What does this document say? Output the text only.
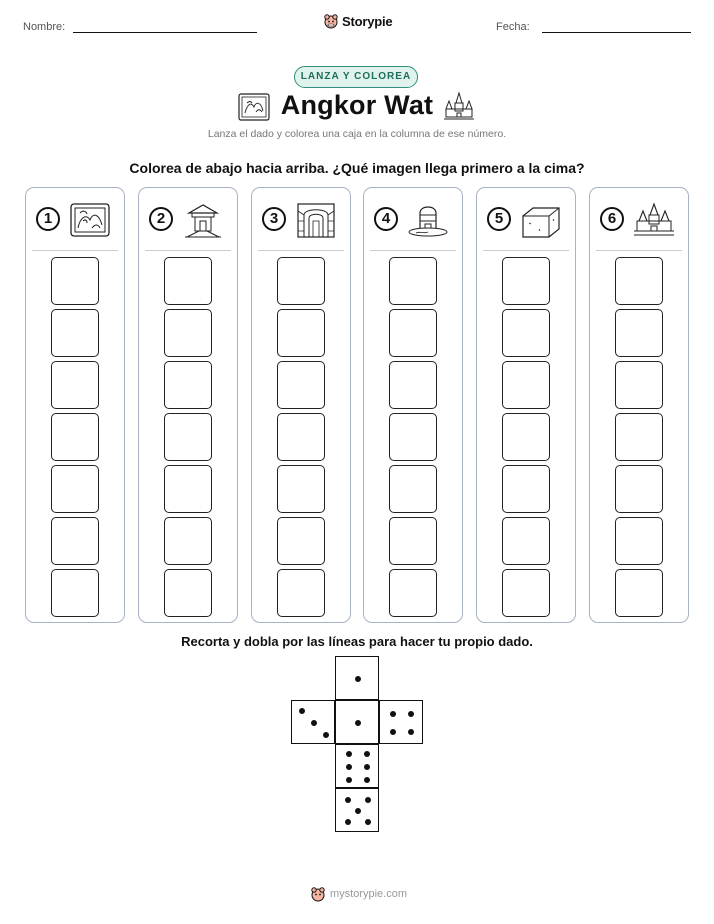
Nombre:	Storypie	Fecha:
LANZA Y COLOREA
Angkor Wat
Lanza el dado y colorea una caja en la columna de ese número.
Colorea de abajo hacia arriba. ¿Qué imagen llega primero a la cima?
1	2	3	4	5	6
Recorta y dobla por las líneas para hacer tu propio dado.
mystorypie.com
